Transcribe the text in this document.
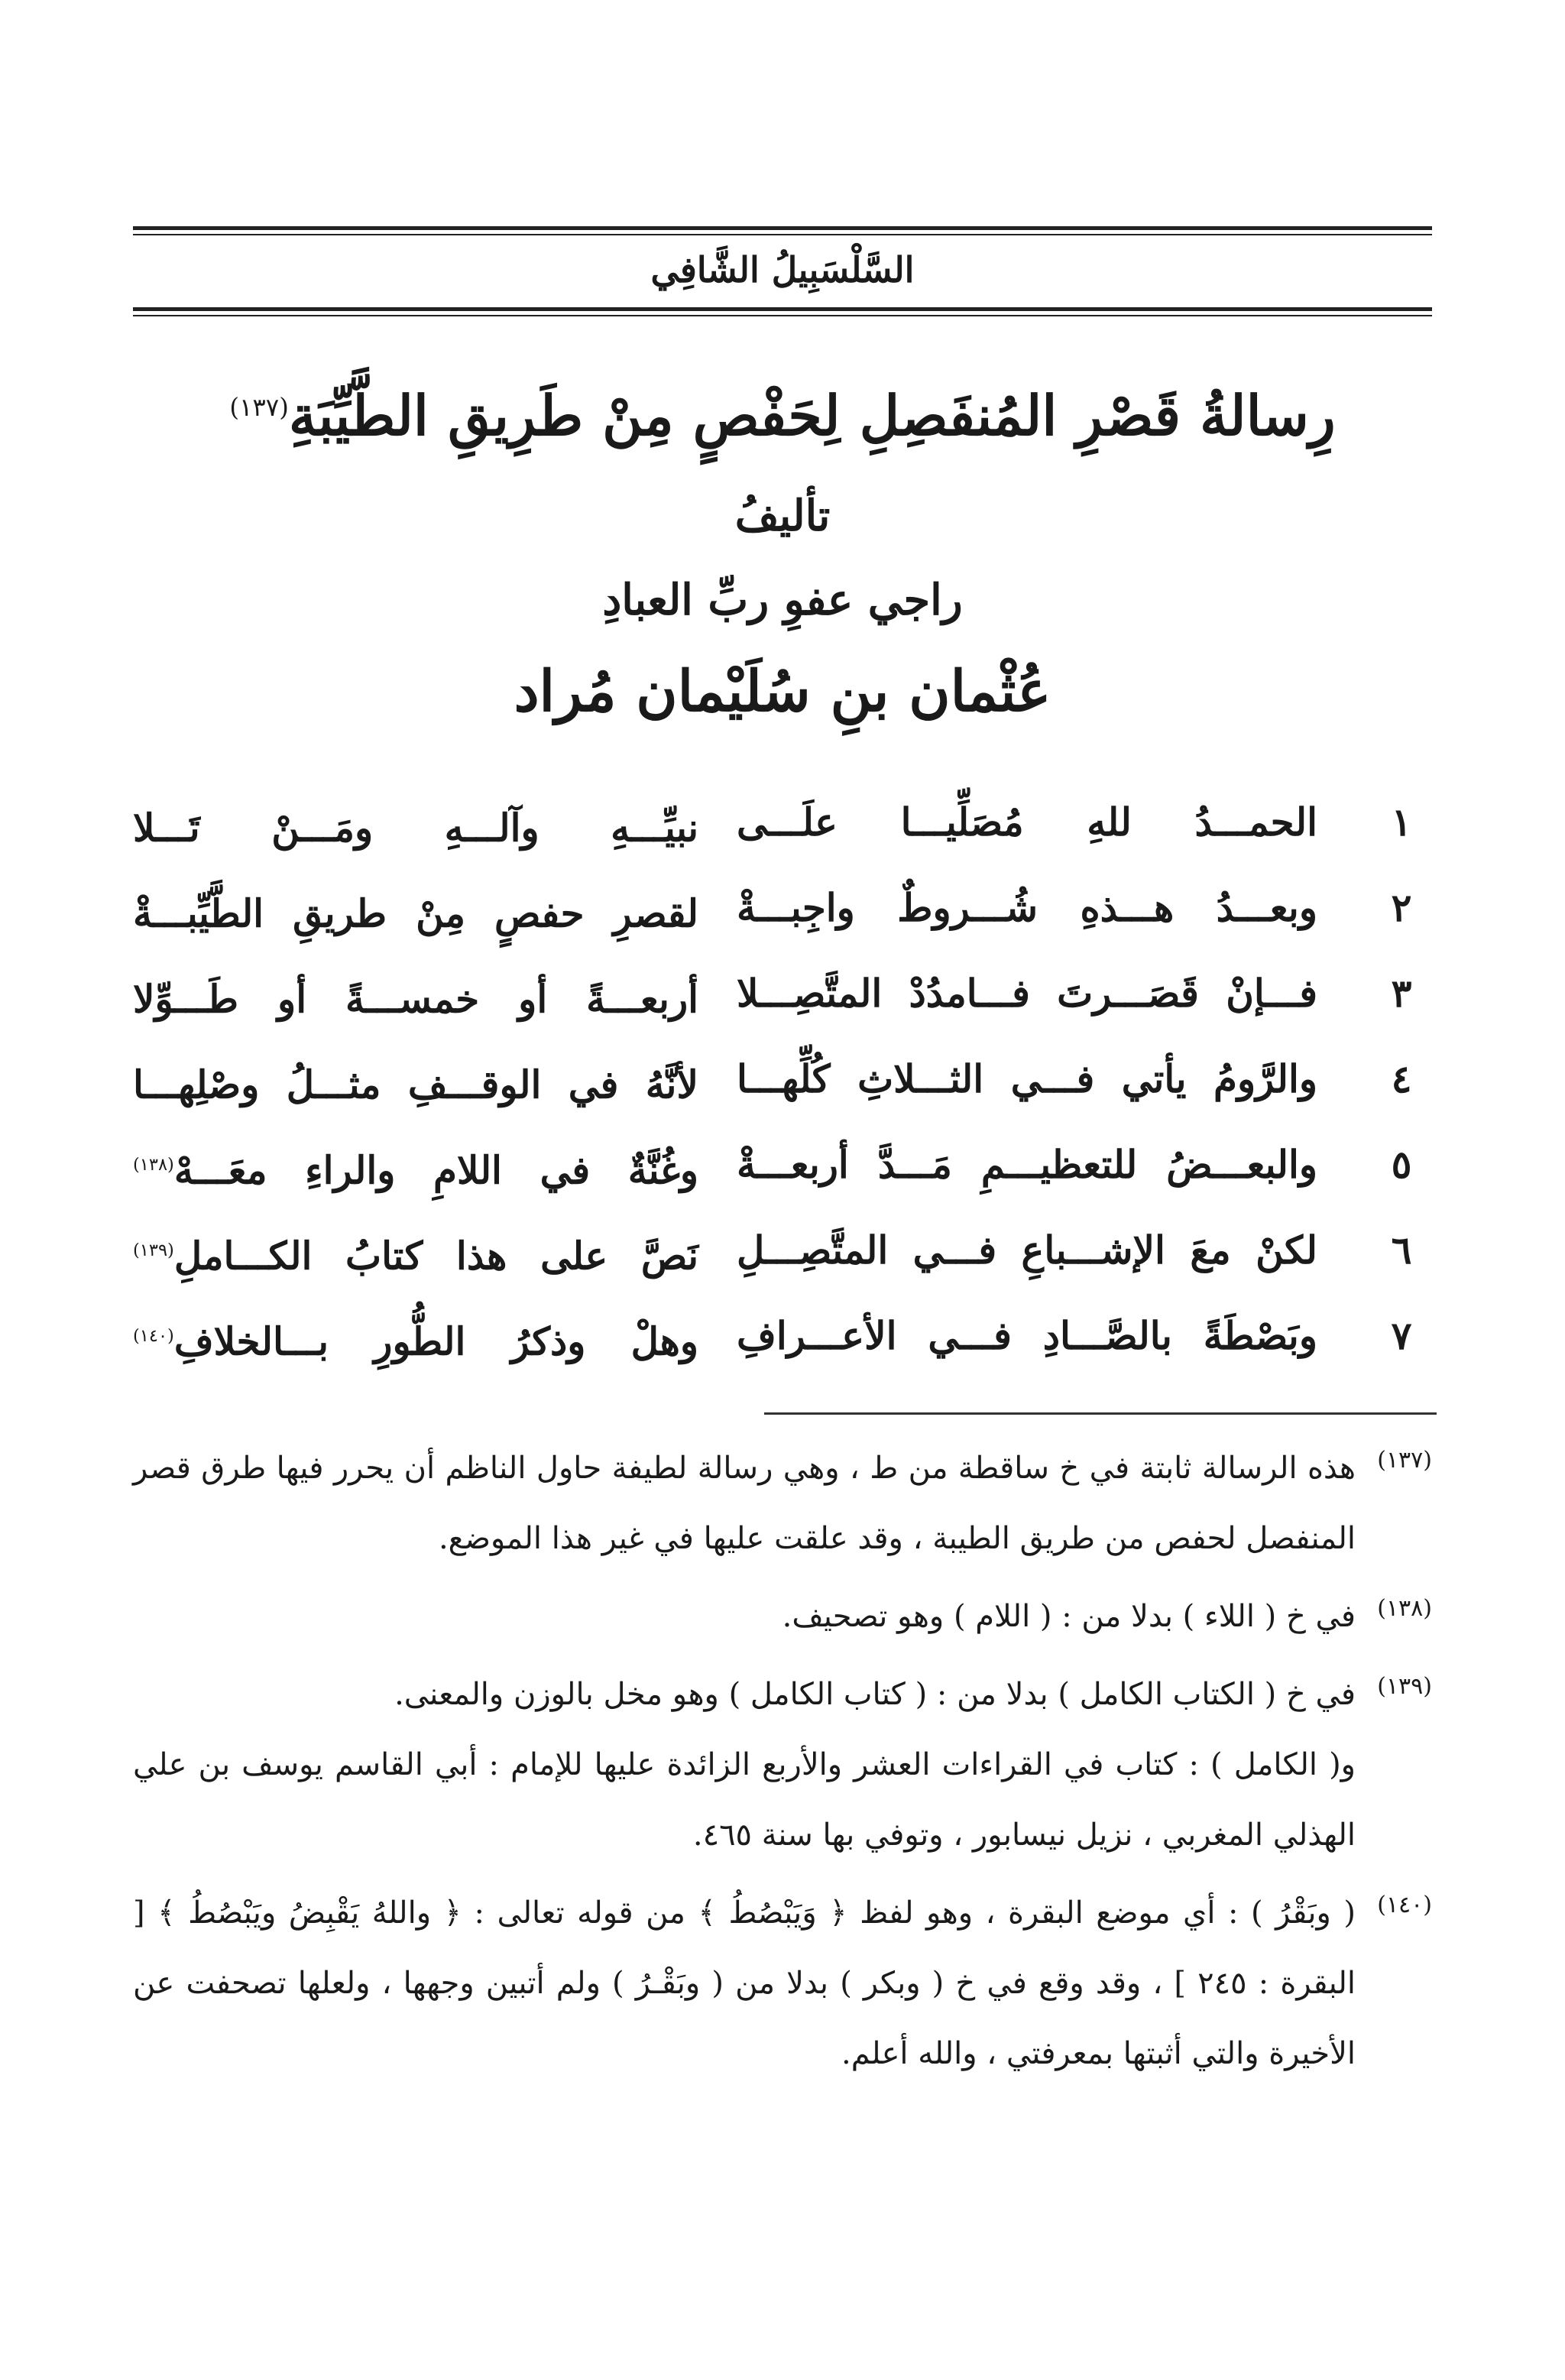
السَّلْسَبِيلُ الشَّافِي
رِسالةُ قَصْرِ المُنفَصِلِ لِحَفْصٍ مِنْ طَرِيقِ الطَّيِّبَةِ$^{(١٣٧)}$
تأليفُ
راجي عفوِ ربِّ العبادِ
عُثْمان بنِ سُلَيْمان مُراد
١
الحمـــدُ للهِ مُصَلِّيـــا علَـــى
نبيِّـــهِ وآلـــهِ ومَـــنْ تَـــلا
٢
وبعـــدُ هـــذهِ شُـــروطٌ واجِبـــةْ
لقصرِ حفصٍ مِنْ طريقِ الطَّيِّبـــةْ
٣
فـــإنْ قَصَـــرتَ فـــامدُدْ المتَّصِـــلا
أربعـــةً أو خمســـةً أو طَـــوِّلا
٤
والرَّومُ يأتي فـــي الثـــلاثِ كُلِّهـــا
لأنَّهُ في الوقـــفِ مثـــلُ وصْلِهـــا
٥
والبعـــضُ للتعظيـــمِ مَـــدَّ أربعـــةْ
وغُنَّةٌ في اللامِ والراءِ معَـــهْ$^{(١٣٨)}$
٦
لكنْ معَ الإشـــباعِ فـــي المتَّصِـــلِ
نَصَّ على هذا كتابُ الكـــاملِ$^{(١٣٩)}$
٧
وبَصْطَةً بالصَّـــادِ فـــي الأعـــرافِ
وهلْ وذكرُ الطُّورِ بـــالخلافِ$^{(١٤٠)}$
(١٣٧)
هذه الرسالة ثابتة في خ ساقطة من ط ، وهي رسالة لطيفة حاول الناظم أن يحرر فيها طرق قصر المنفصل لحفص من طريق الطيبة ، وقد علقت عليها في غير هذا الموضع.
(١٣٨)
في خ ( اللاء ) بدلا من : ( اللام ) وهو تصحيف.
(١٣٩)
في خ ( الكتاب الكامل ) بدلا من : ( كتاب الكامل ) وهو مخل بالوزن والمعنى.
و( الكامل ) : كتاب في القراءات العشر والأربع الزائدة عليها للإمام : أبي القاسم يوسف بن علي الهذلي المغربي ، نزيل نيسابور ، وتوفي بها سنة ٤٦٥.
(١٤٠)
( وبَقْرُ ) : أي موضع البقرة ، وهو لفظ ﴿ وَيَبْصُطُ ﴾ من قوله تعالى : ﴿ واللهُ يَقْبِضُ ويَبْصُطُ ﴾ [ البقرة : ٢٤٥ ] ، وقد وقع في خ ( وبكر ) بدلا من ( وبَقْـرُ ) ولم أتبين وجهها ، ولعلها تصحفت عن الأخيرة والتي أثبتها بمعرفتي ، والله أعلم.
